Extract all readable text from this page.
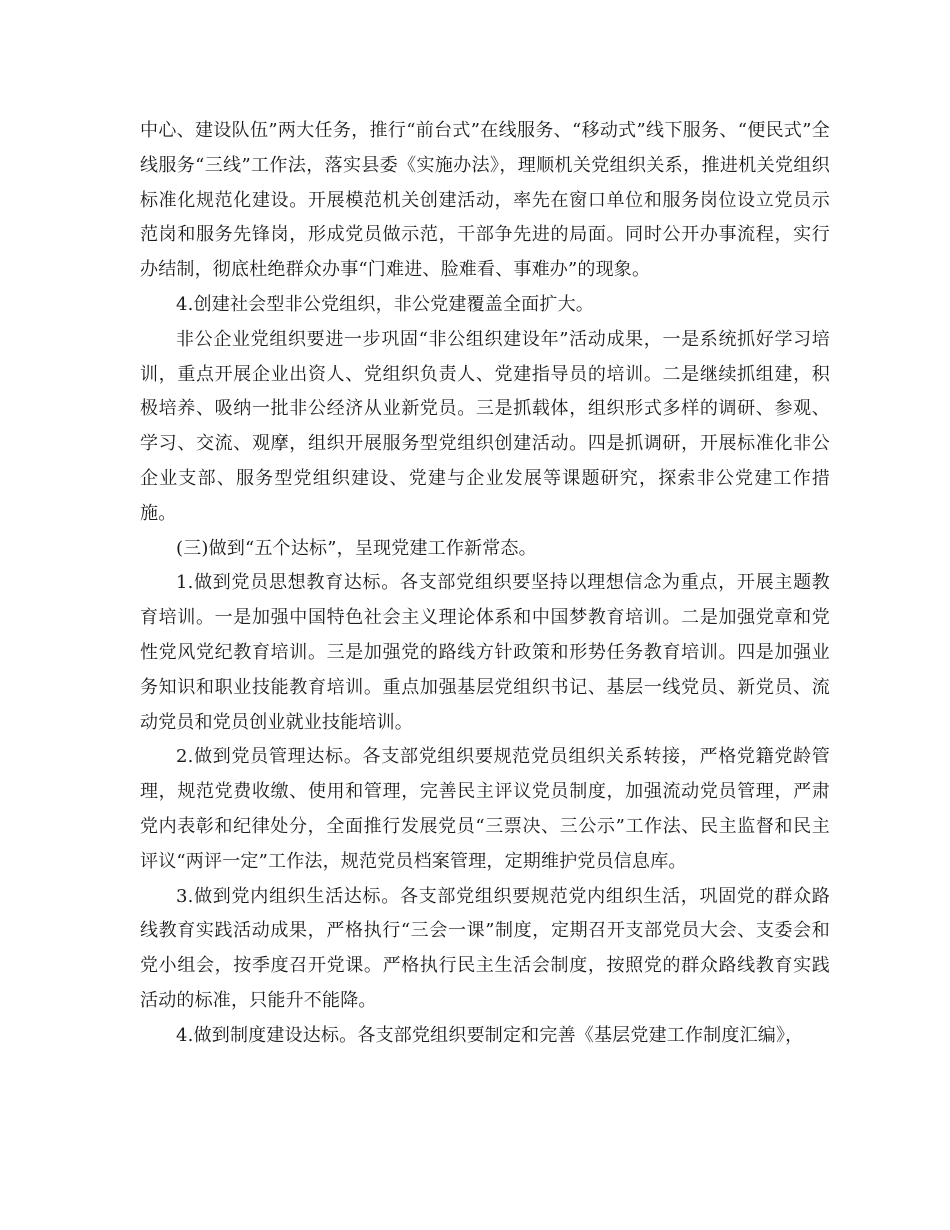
中心、建设队伍”两大任务，推行“前台式”在线服务、“移动式”线下服务、“便民式”全线服务“三线”工作法，落实县委《实施办法》，理顺机关党组织关系，推进机关党组织标准化规范化建设。开展模范机关创建活动，率先在窗口单位和服务岗位设立党员示范岗和服务先锋岗，形成党员做示范，干部争先进的局面。同时公开办事流程，实行办结制，彻底杜绝群众办事“门难进、脸难看、事难办”的现象。

4.创建社会型非公党组织，非公党建覆盖全面扩大。

非公企业党组织要进一步巩固“非公组织建设年”活动成果，一是系统抓好学习培训，重点开展企业出资人、党组织负责人、党建指导员的培训。二是继续抓组建，积极培养、吸纳一批非公经济从业新党员。三是抓载体，组织形式多样的调研、参观、学习、交流、观摩，组织开展服务型党组织创建活动。四是抓调研，开展标准化非公企业支部、服务型党组织建设、党建与企业发展等课题研究，探索非公党建工作措施。

(三)做到“五个达标”，呈现党建工作新常态。

1.做到党员思想教育达标。各支部党组织要坚持以理想信念为重点，开展主题教育培训。一是加强中国特色社会主义理论体系和中国梦教育培训。二是加强党章和党性党风党纪教育培训。三是加强党的路线方针政策和形势任务教育培训。四是加强业务知识和职业技能教育培训。重点加强基层党组织书记、基层一线党员、新党员、流动党员和党员创业就业技能培训。

2.做到党员管理达标。各支部党组织要规范党员组织关系转接，严格党籍党龄管理，规范党费收缴、使用和管理，完善民主评议党员制度，加强流动党员管理，严肃党内表彰和纪律处分，全面推行发展党员“三票决、三公示”工作法、民主监督和民主评议“两评一定”工作法，规范党员档案管理，定期维护党员信息库。

3.做到党内组织生活达标。各支部党组织要规范党内组织生活，巩固党的群众路线教育实践活动成果，严格执行“三会一课”制度，定期召开支部党员大会、支委会和党小组会，按季度召开党课。严格执行民主生活会制度，按照党的群众路线教育实践活动的标准，只能升不能降。

4.做到制度建设达标。各支部党组织要制定和完善《基层党建工作制度汇编》，
